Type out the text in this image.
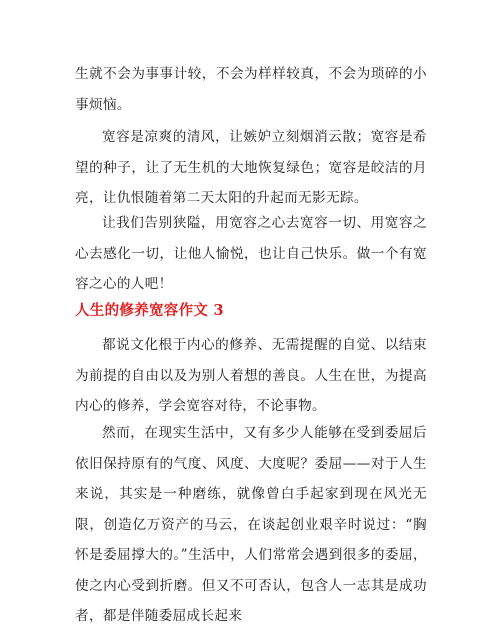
生就不会为事事计较，不会为样样较真，不会为琐碎的小事烦恼。

宽容是凉爽的清风，让嫉妒立刻烟消云散；宽容是希望的种子，让了无生机的大地恢复绿色；宽容是皎洁的月亮，让仇恨随着第二天太阳的升起而无影无踪。

让我们告别狭隘，用宽容之心去宽容一切、用宽容之心去感化一切，让他人愉悦，也让自己快乐。做一个有宽容之心的人吧！

人生的修养宽容作文 3

都说文化根于内心的修养、无需提醒的自觉、以结束为前提的自由以及为别人着想的善良。人生在世，为提高内心的修养，学会宽容对待，不论事物。

然而，在现实生活中，又有多少人能够在受到委屈后依旧保持原有的气度、风度、大度呢？委屈——对于人生来说，其实是一种磨练，就像曾白手起家到现在风光无限，创造亿万资产的马云，在谈起创业艰辛时说过：“胸怀是委屈撑大的。”生活中，人们常常会遇到很多的委屈，使之内心受到折磨。但又不可否认，包含人一志其是成功者，都是伴随委屈成长起来
